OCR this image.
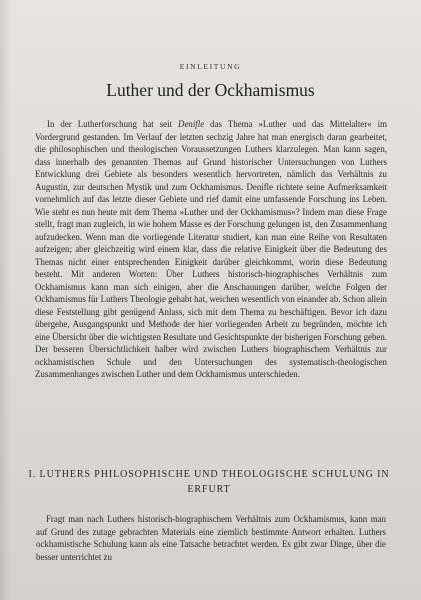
EINLEITUNG
Luther und der Ockhamismus

In der Lutherforschung hat seit Denifle das Thema »Luther und das Mittelalter« im Vordergrund gestanden. Im Verlauf der letzten sechzig Jahre hat man energisch daran gearbeitet, die philosophischen und theologischen Voraussetzungen Luthers klarzulegen. Man kann sagen, dass innerhalb des genannten Themas auf Grund historischer Untersuchungen von Luthers Entwicklung drei Gebiete als besonders wesentlich hervortreten, nämlich das Verhältnis zu Augustin, zur deutschen Mystik und zum Ockhamismus. Denifle richtete seine Aufmerksamkeit vornehmlich auf das letzte dieser Gebiete und rief damit eine umfassende Forschung ins Leben. Wie steht es nun heute mit dem Thema »Luther und der Ockhamismus«? Indem man diese Frage stellt, fragt man zugleich, in wie hohem Masse es der Forschung gelungen ist, den Zusammenhang aufzudecken. Wenn man die vorliegende Literatur studiert, kan man eine Reihe von Resultaten aufzeigen; aber gleichzeitig wird einem klar, dass die relative Einigkeit über die Bedeutung des Themas nicht einer entsprechenden Einigkeit darüber gleichkommt, worin diese Bedeutung besteht. Mit anderen Worten: Über Luthers historisch-biographisches Verhältnis zum Ockhamismus kann man sich einigen, aber die Anschauungen darüber, welche Folgen der Ockhamismus für Luthers Theologie gehabt hat, weichen wesentlich von einander ab. Schon allein diese Feststellung gibt genügend Anlass, sich mit dem Thema zu beschäftigen. Bevor ich dazu übergehe, Ausgangspunkt und Methode der hier vorliegenden Arbeit zu begründen, möchte ich eine Übersicht über die wichtigsten Resultate und Gesichtspunkte der bisherigen Forschung geben. Der besseren Übersichtlichkeit halber wird zwischen Luthers biographischem Verhältnis zur ockhamistischen Schule und den Untersuchungen des systematisch-theologischen Zusammenhanges zwischen Luther und dem Ockhamismus unterschieden.

I. LUTHERS PHILOSOPHISCHE UND THEOLOGISCHE SCHULUNG IN ERFURT

Fragt man nach Luthers historisch-biographischem Verhältnis zum Ockhamismus, kann man auf Grund des zutage gebrachten Materials eine ziemlich bestimmte Antwort erhalten. Luthers ockhamistische Schulung kann als eine Tatsache betrachtet werden. Es gibt zwar Dinge, über die besser unterrichtet zu
